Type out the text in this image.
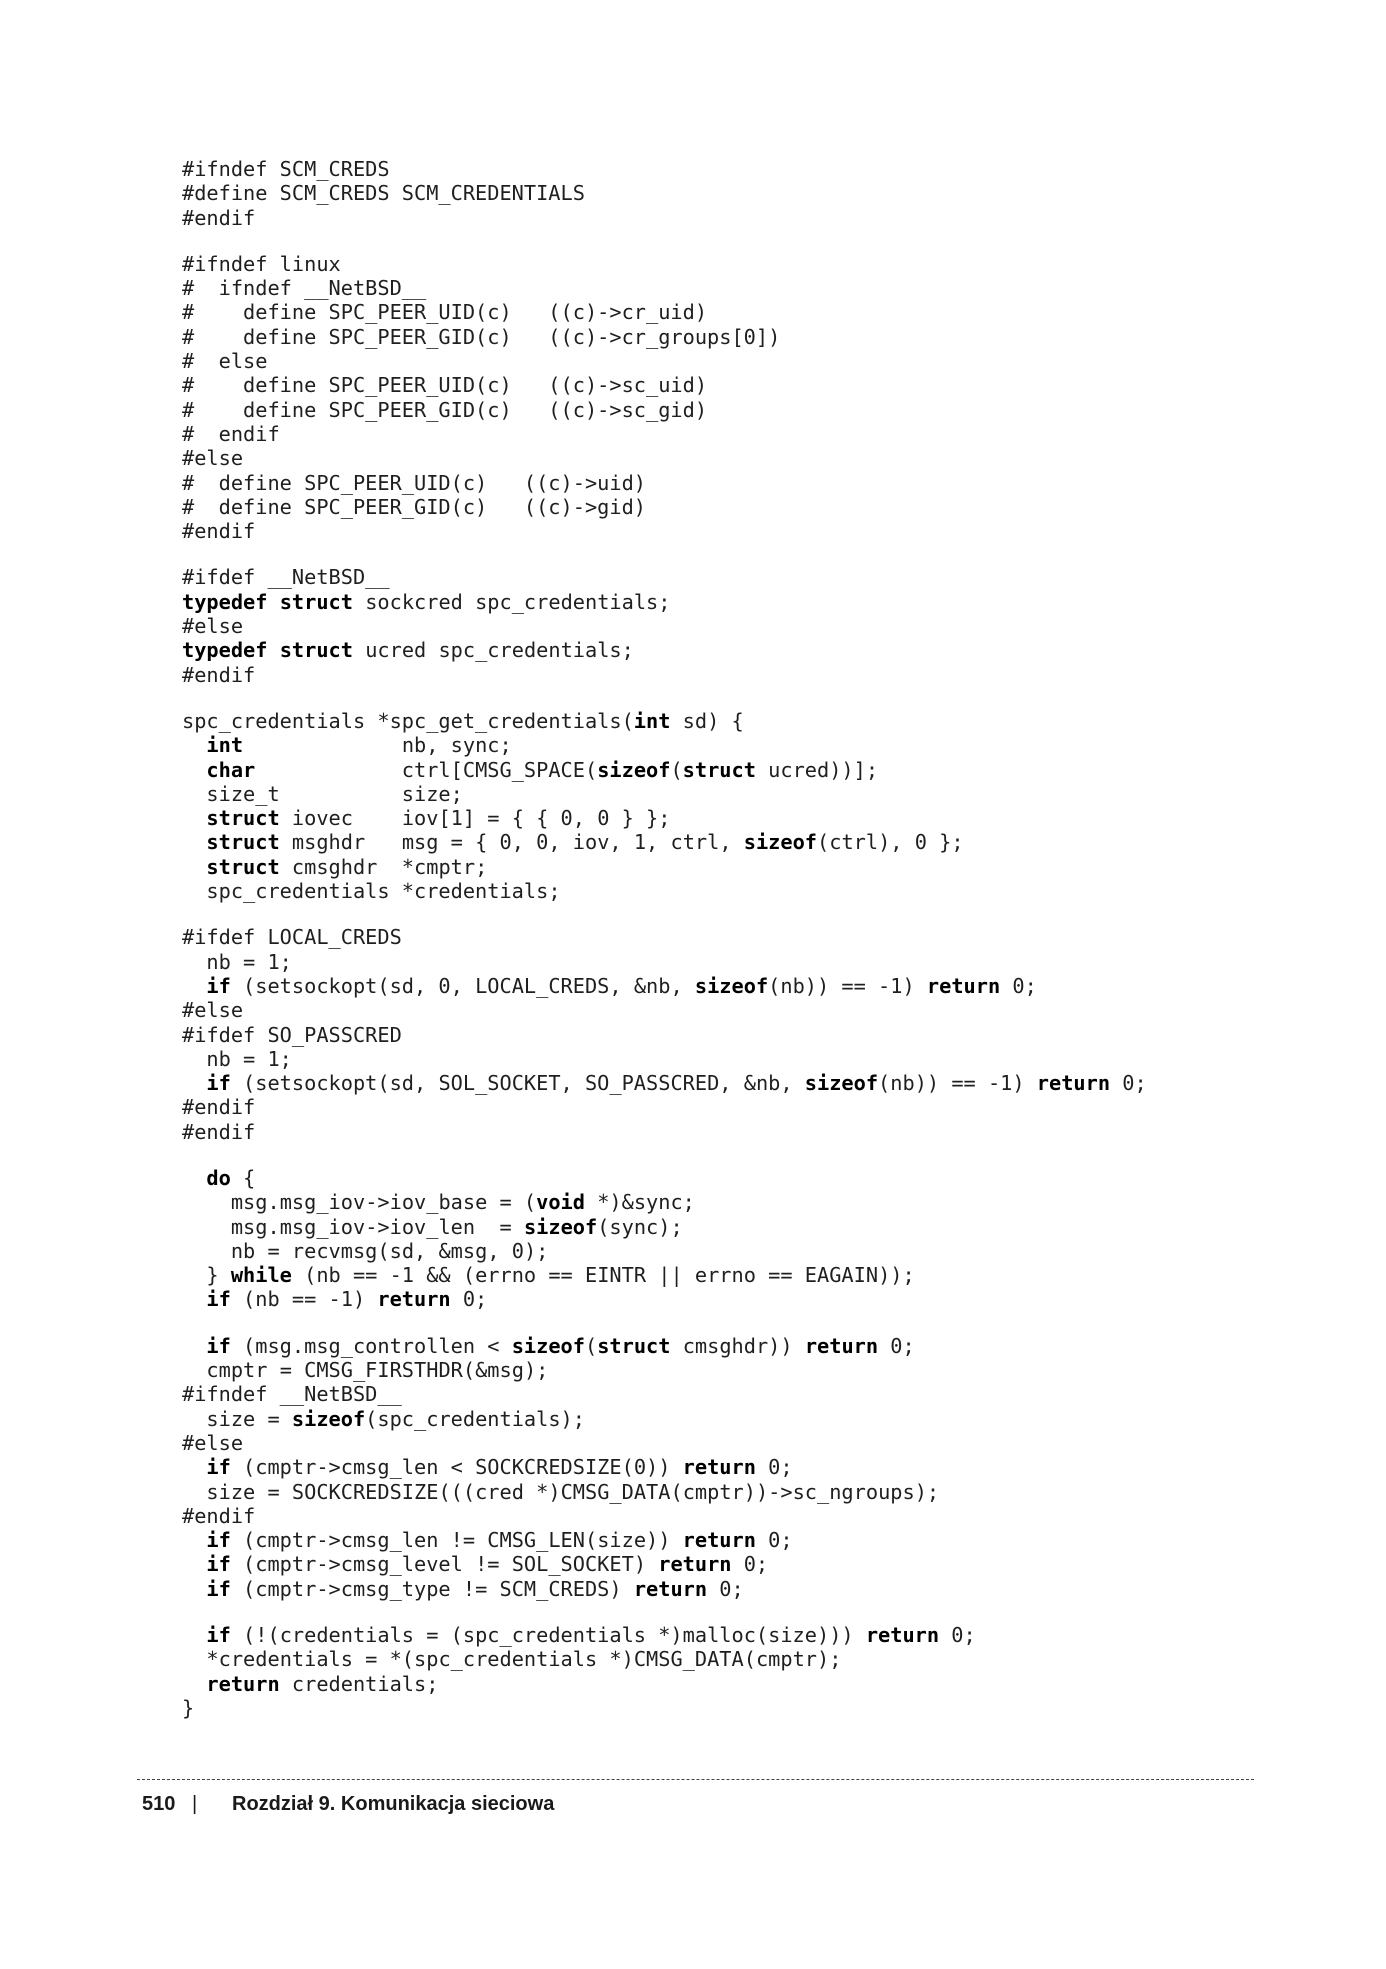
#ifndef SCM_CREDS
#define SCM_CREDS SCM_CREDENTIALS
#endif
#ifndef linux
#  ifndef __NetBSD__
#    define SPC_PEER_UID(c)   ((c)->cr_uid)
#    define SPC_PEER_GID(c)   ((c)->cr_groups[0])
#  else
#    define SPC_PEER_UID(c)   ((c)->sc_uid)
#    define SPC_PEER_GID(c)   ((c)->sc_gid)
#  endif
#else
#  define SPC_PEER_UID(c)   ((c)->uid)
#  define SPC_PEER_GID(c)   ((c)->gid)
#endif
#ifdef __NetBSD__
typedef struct sockcred spc_credentials;
#else
typedef struct ucred spc_credentials;
#endif
spc_credentials *spc_get_credentials(int sd) {
int	nb, sync;
char	ctrl[CMSG_SPACE(sizeof(struct ucred))];
size_t	size;
struct iovec iov[1] = { { 0, 0 } };
struct msghdr msg = { 0, 0, iov, 1, ctrl, sizeof(ctrl), 0 };
struct cmsghdr  *cmptr;
spc_credentials *credentials;
#ifdef LOCAL_CREDS
nb = 1;
if (setsockopt(sd, 0, LOCAL_CREDS, &nb, sizeof(nb)) == -1) return 0;
#else
#ifdef SO_PASSCRED
nb = 1;
if (setsockopt(sd, SOL_SOCKET, SO_PASSCRED, &nb, sizeof(nb)) == -1) return 0;
#endif
#endif
do {
msg.msg_iov->iov_base = (void *)&sync;
msg.msg_iov->iov_len  = sizeof(sync);
nb = recvmsg(sd, &msg, 0);
} while (nb == -1 && (errno == EINTR || errno == EAGAIN));
if (nb == -1) return 0;
if (msg.msg_controllen < sizeof(struct cmsghdr)) return 0;
cmptr = CMSG_FIRSTHDR(&msg);
#ifndef __NetBSD__
size = sizeof(spc_credentials);
#else
if (cmptr->cmsg_len < SOCKCREDSIZE(0)) return 0;
size = SOCKCREDSIZE(((cred *)CMSG_DATA(cmptr))->sc_ngroups);
#endif
if (cmptr->cmsg_len != CMSG_LEN(size)) return 0;
if (cmptr->cmsg_level != SOL_SOCKET) return 0;
if (cmptr->cmsg_type != SCM_CREDS) return 0;
if (!(credentials = (spc_credentials *)malloc(size))) return 0;
*credentials = *(spc_credentials *)CMSG_DATA(cmptr);
return credentials;
}
510 | Rozdział 9. Komunikacja sieciowa
